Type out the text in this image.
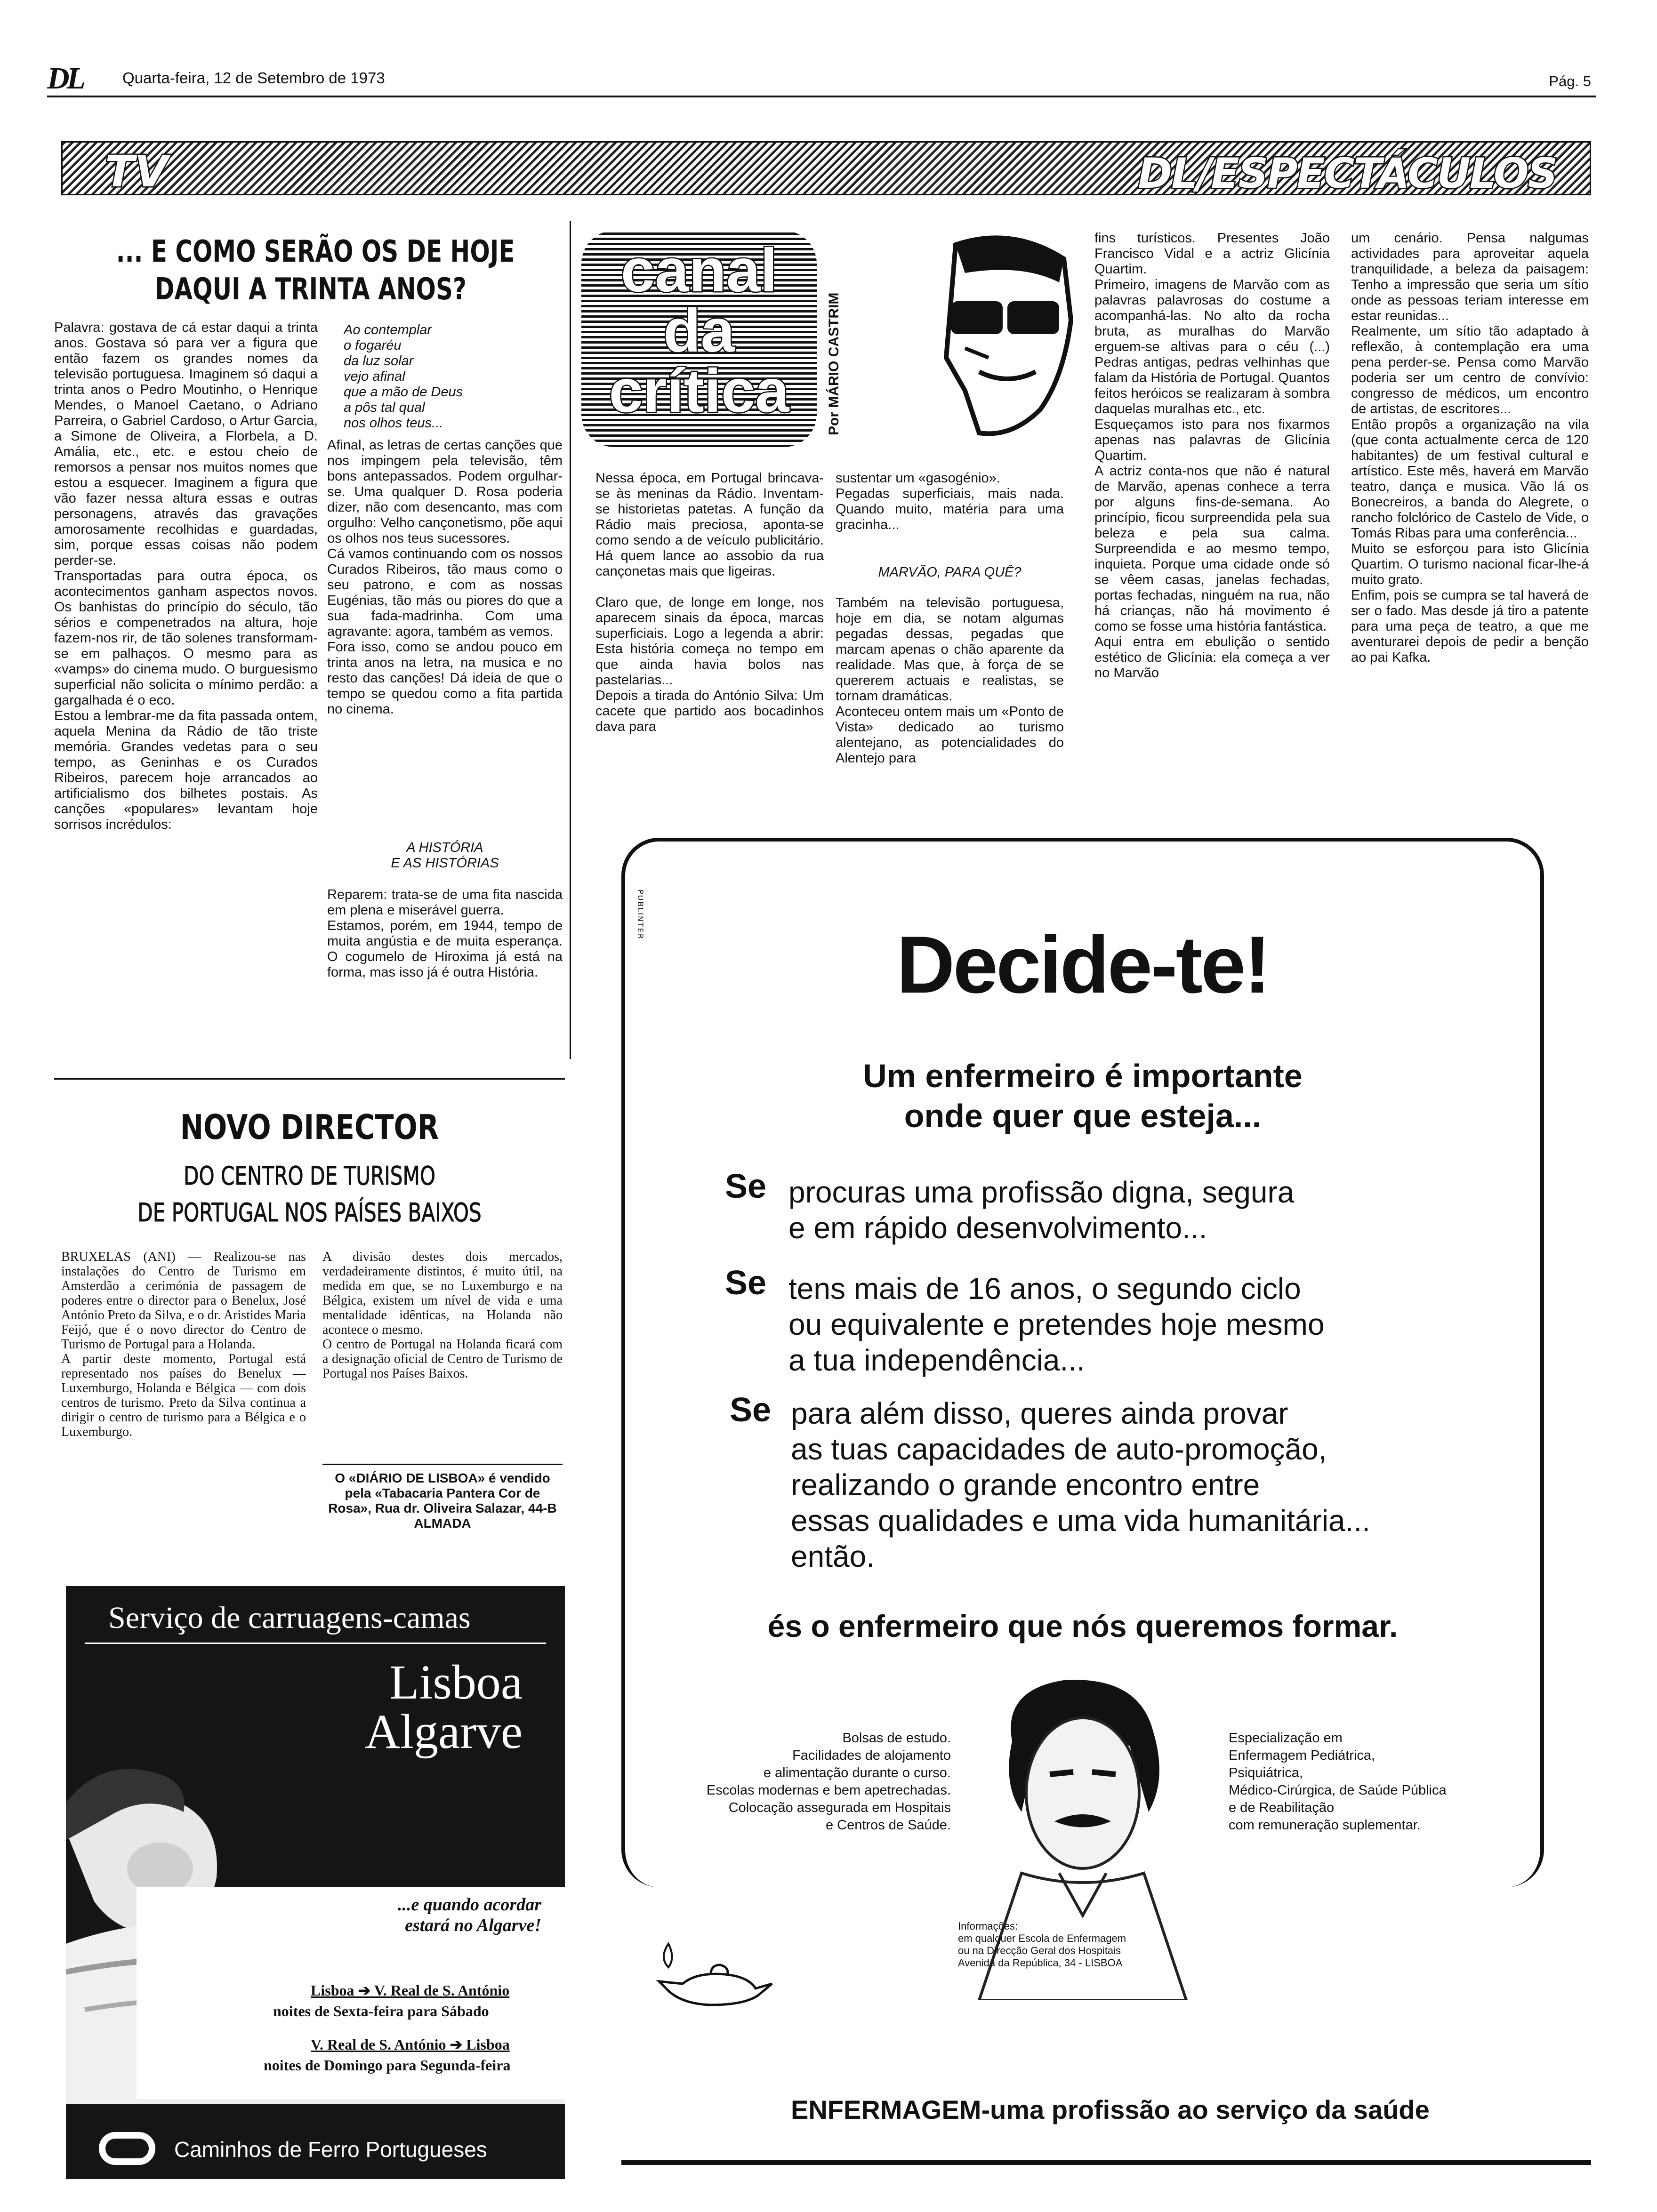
DL	Quarta-feira, 12 de Setembro de 1973	Pág. 5
TV	DL/ESPECTÁCULOS
... E COMO SERÃO OS DE HOJE
DAQUI A TRINTA ANOS?
Palavra: gostava de cá estar daqui a trinta anos. Gostava só para ver a figura que então fazem os grandes nomes da televisão portuguesa. Imaginem só daqui a trinta anos o Pedro Moutinho, o Henrique Mendes, o Manoel Caetano, o Adriano Parreira, o Gabriel Cardoso, o Artur Garcia, a Simone de Oliveira, a Florbela, a D. Amália, etc., etc. e estou cheio de remorsos a pensar nos muitos nomes que estou a esquecer. Imaginem a figura que vão fazer nessa altura essas e outras personagens, através das gravações amorosamente recolhidas e guardadas, sim, porque essas coisas não podem perder-se.
Transportadas para outra época, os acontecimentos ganham aspectos novos. Os banhistas do princípio do século, tão sérios e compenetrados na altura, hoje fazem-nos rir, de tão solenes transformam-se em palhaços. O mesmo para as «vamps» do cinema mudo. O burguesismo superficial não solicita o mínimo perdão: a gargalhada é o eco.
Estou a lembrar-me da fita passada ontem, aquela Menina da Rádio de tão triste memória. Grandes vedetas para o seu tempo, as Geninhas e os Curados Ribeiros, parecem hoje arrancados ao artificialismo dos bilhetes postais. As canções «populares» levantam hoje sorrisos incrédulos:
Ao contemplar
o fogaréu
da luz solar
vejo afinal
que a mão de Deus
a pôs tal qual
nos olhos teus...
Afinal, as letras de certas canções que nos impingem pela televisão, têm bons antepassados. Podem orgulhar-se. Uma qualquer D. Rosa poderia dizer, não com desencanto, mas com orgulho: Velho cançonetismo, põe aqui os olhos nos teus sucessores.
Cá vamos continuando com os nossos Curados Ribeiros, tão maus como o seu patrono, e com as nossas Eugénias, tão más ou piores do que a sua fada-madrinha. Com uma agravante: agora, também as vemos.
Fora isso, como se andou pouco em trinta anos na letra, na musica e no resto das canções! Dá ideia de que o tempo se quedou como a fita partida no cinema.
A HISTÓRIA
E AS HISTÓRIAS
Reparem: trata-se de uma fita nascida em plena e miserável guerra.
Estamos, porém, em 1944, tempo de muita angústia e de muita esperança. O cogumelo de Hiroxima já está na forma, mas isso já é outra História.
canal
da
crítica	Por MÁRIO CASTRIM
Nessa época, em Portugal brincava-se às meninas da Rádio. Inventam-se historietas patetas. A função da Rádio mais preciosa, aponta-se como sendo a de veículo publicitário. Há quem lance ao assobio da rua cançonetas mais que ligeiras.

Claro que, de longe em longe, nos aparecem sinais da época, marcas superficiais. Logo a legenda a abrir: Esta história começa no tempo em que ainda havia bolos nas pastelarias...
Depois a tirada do António Silva: Um cacete que partido aos bocadinhos dava para
sustentar um «gasogénio».
Pegadas superficiais, mais nada. Quando muito, matéria para uma gracinha...
MARVÃO, PARA QUÊ?
Também na televisão portuguesa, hoje em dia, se notam algumas pegadas dessas, pegadas que marcam apenas o chão aparente da realidade. Mas que, à força de se quererem actuais e realistas, se tornam dramáticas.
Aconteceu ontem mais um «Ponto de Vista» dedicado ao turismo alentejano, as potencialidades do Alentejo para
fins turísticos. Presentes João Francisco Vidal e a actriz Glicínia Quartim.
Primeiro, imagens de Marvão com as palavras palavrosas do costume a acompanhá-las. No alto da rocha bruta, as muralhas do Marvão erguem-se altivas para o céu (...) Pedras antigas, pedras velhinhas que falam da História de Portugal. Quantos feitos heróicos se realizaram à sombra daquelas muralhas etc., etc.
Esqueçamos isto para nos fixarmos apenas nas palavras de Glicínia Quartim.
A actriz conta-nos que não é natural de Marvão, apenas conhece a terra por alguns fins-de-semana. Ao princípio, ficou surpreendida pela sua beleza e pela sua calma. Surpreendida e ao mesmo tempo, inquieta. Porque uma cidade onde só se vêem casas, janelas fechadas, portas fechadas, ninguém na rua, não há crianças, não há movimento é como se fosse uma história fantástica.
Aqui entra em ebulição o sentido estético de Glicínia: ela começa a ver no Marvão
um cenário. Pensa nalgumas actividades para aproveitar aquela tranquilidade, a beleza da paisagem: Tenho a impressão que seria um sítio onde as pessoas teriam interesse em estar reunidas...
Realmente, um sítio tão adaptado à reflexão, à contemplação era uma pena perder-se. Pensa como Marvão poderia ser um centro de convívio: congresso de médicos, um encontro de artistas, de escritores...
Então propôs a organização na vila (que conta actualmente cerca de 120 habitantes) de um festival cultural e artístico. Este mês, haverá em Marvão teatro, dança e musica. Vão lá os Bonecreiros, a banda do Alegrete, o rancho folclórico de Castelo de Vide, o Tomás Ribas para uma conferência...
Muito se esforçou para isto Glicínia Quartim. O turismo nacional ficar-lhe-á muito grato.
Enfim, pois se cumpra se tal haverá de ser o fado. Mas desde já tiro a patente para uma peça de teatro, a que me aventurarei depois de pedir a benção ao pai Kafka.
NOVO DIRECTOR
DO CENTRO DE TURISMO
DE PORTUGAL NOS PAÍSES BAIXOS
BRUXELAS (ANI) — Realizou-se nas instalações do Centro de Turismo em Amsterdão a cerimónia de passagem de poderes entre o director para o Benelux, José António Preto da Silva, e o dr. Aristides Maria Feijó, que é o novo director do Centro de Turismo de Portugal para a Holanda.
A partir deste momento, Portugal está representado nos países do Benelux — Luxemburgo, Holanda e Bélgica — com dois centros de turismo. Preto da Silva continua a dirigir o centro de turismo para a Bélgica e o Luxemburgo.
A divisão destes dois mercados, verdadeiramente distintos, é muito útil, na medida em que, se no Luxemburgo e na Bélgica, existem um nível de vida e uma mentalidade idênticas, na Holanda não acontece o mesmo.
O centro de Portugal na Holanda ficará com a designação oficial de Centro de Turismo de Portugal nos Países Baixos.
O «DIÁRIO DE LISBOA» é vendido pela «Tabacaria Pantera Cor de Rosa», Rua dr. Oliveira Salazar, 44-B ALMADA
Serviço de carruagens-camas
Lisboa
Algarve
...e quando acordar
estará no Algarve!
Lisboa ➔ V. Real de S. António
noites de Sexta-feira para Sábado
V. Real de S. António ➔ Lisboa
noites de Domingo para Segunda-feira
CP-MAR
Caminhos de Ferro Portugueses
PUBLINTER
Decide-te!
Um enfermeiro é importante
onde quer que esteja...
Se procuras uma profissão digna, segura
e em rápido desenvolvimento...
Se tens mais de 16 anos, o segundo ciclo
ou equivalente e pretendes hoje mesmo
a tua independência...
Se para além disso, queres ainda provar
as tuas capacidades de auto-promoção,
realizando o grande encontro entre
essas qualidades e uma vida humanitária...
então.
és o enfermeiro que nós queremos formar.
Bolsas de estudo.
Facilidades de alojamento
e alimentação durante o curso.
Escolas modernas e bem apetrechadas.
Colocação assegurada em Hospitais
e Centros de Saúde.
Especialização em
Enfermagem Pediátrica,
Psiquiátrica,
Médico-Cirúrgica, de Saúde Pública
e de Reabilitação
com remuneração suplementar.
Informações:
em qualquer Escola de Enfermagem
ou na Direcção Geral dos Hospitais
Avenida da República, 34 - LISBOA
ENFERMAGEM-uma profissão ao serviço da saúde
